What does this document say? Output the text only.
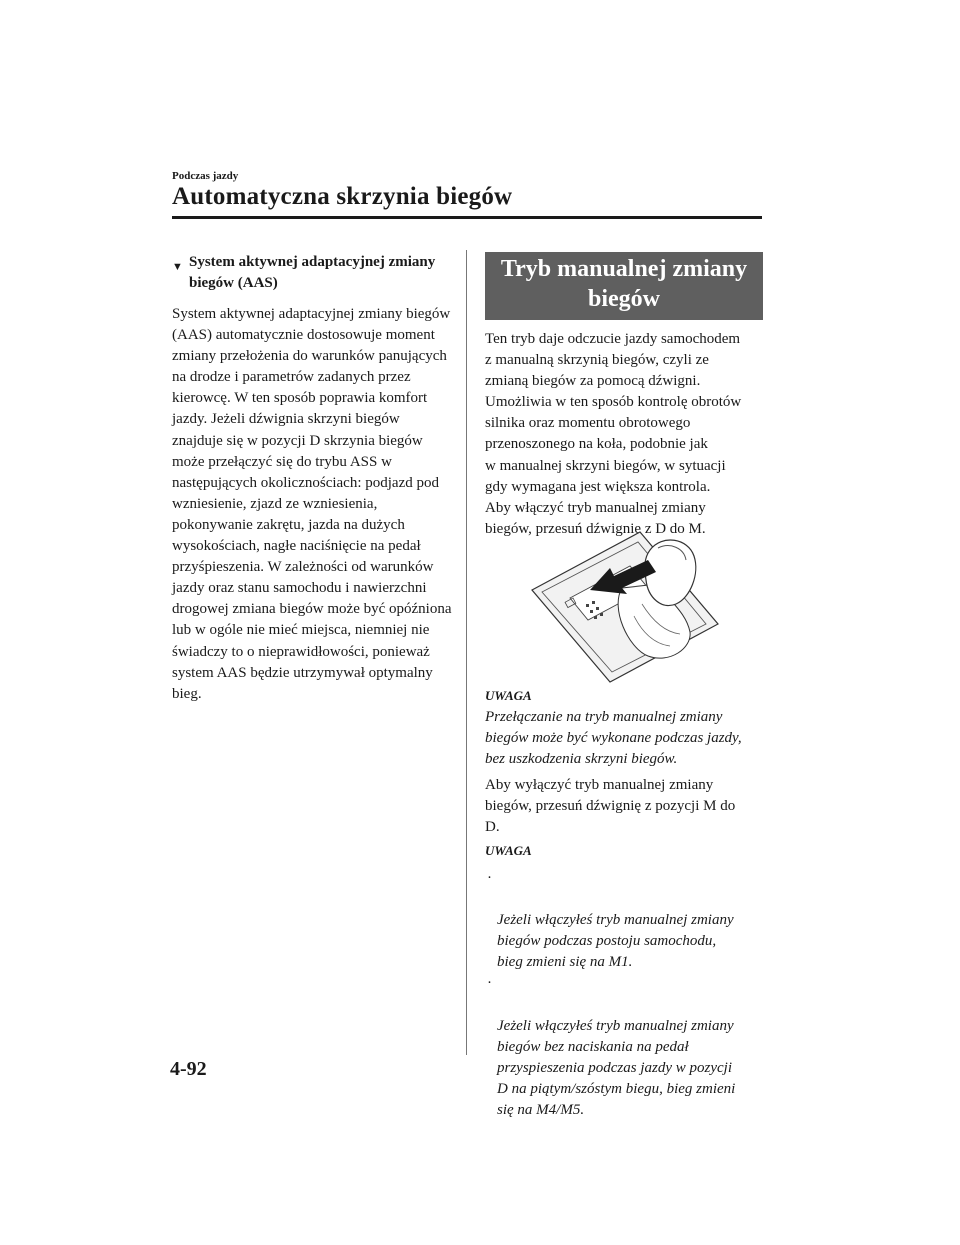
Podczas jazdy
Automatyczna skrzynia biegów
▼ System aktywnej adaptacyjnej zmiany biegów (AAS)
System aktywnej adaptacyjnej zmiany biegów (AAS) automatycznie dostosowuje moment zmiany przełożenia do warunków panujących na drodze i parametrów zadanych przez kierowcę. W ten sposób poprawia komfort jazdy. Jeżeli dźwignia skrzyni biegów znajduje się w pozycji D skrzynia biegów może przełączyć się do trybu ASS w następujących okolicznościach: podjazd pod wzniesienie, zjazd ze wzniesienia, pokonywanie zakrętu, jazda na dużych wysokościach, nagłe naciśnięcie na pedał przyśpieszenia. W zależności od warunków jazdy oraz stanu samochodu i nawierzchni drogowej zmiana biegów może być opóźniona lub w ogóle nie mieć miejsca, niemniej nie świadczy to o nieprawidłowości, ponieważ system AAS będzie utrzymywał optymalny bieg.
Tryb manualnej zmiany biegów
Ten tryb daje odczucie jazdy samochodem
z manualną skrzynią biegów, czyli ze
zmianą biegów za pomocą dźwigni.
Umożliwia w ten sposób kontrolę obrotów
silnika oraz momentu obrotowego
przenoszonego na koła, podobnie jak
w manualnej skrzyni biegów, w sytuacji
gdy wymagana jest większa kontrola.
Aby włączyć tryb manualnej zmiany
biegów, przesuń dźwignię z D do M.
UWAGA
Przełączanie na tryb manualnej zmiany
biegów może być wykonane podczas jazdy,
bez uszkodzenia skrzyni biegów.
Aby wyłączyć tryb manualnej zmiany
biegów, przesuń dźwignię z pozycji M do
D.
UWAGA

·

Jeżeli włączyłeś tryb manualnej zmiany
biegów podczas postoju samochodu,
bieg zmieni się na M1.

·

Jeżeli włączyłeś tryb manualnej zmiany
biegów bez naciskania na pedał
przyspieszenia podczas jazdy w pozycji
D na piątym/szóstym biegu, bieg zmieni
się na M4/M5.

4-92
